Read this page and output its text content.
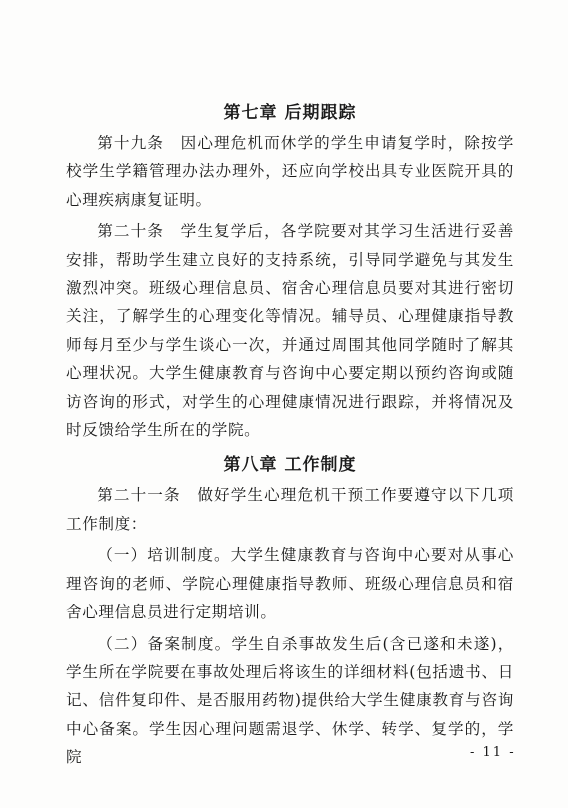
第七章 后期跟踪

第十九条　因心理危机而休学的学生申请复学时，除按学校学生学籍管理办法办理外，还应向学校出具专业医院开具的心理疾病康复证明。

第二十条　学生复学后，各学院要对其学习生活进行妥善安排，帮助学生建立良好的支持系统，引导同学避免与其发生激烈冲突。班级心理信息员、宿舍心理信息员要对其进行密切关注，了解学生的心理变化等情况。辅导员、心理健康指导教师每月至少与学生谈心一次，并通过周围其他同学随时了解其心理状况。大学生健康教育与咨询中心要定期以预约咨询或随访咨询的形式，对学生的心理健康情况进行跟踪，并将情况及时反馈给学生所在的学院。

第八章 工作制度

第二十一条　做好学生心理危机干预工作要遵守以下几项工作制度：

（一）培训制度。大学生健康教育与咨询中心要对从事心理咨询的老师、学院心理健康指导教师、班级心理信息员和宿舍心理信息员进行定期培训。

（二）备案制度。学生自杀事故发生后(含已遂和未遂)，学生所在学院要在事故处理后将该生的详细材料(包括遗书、日记、信件复印件、是否服用药物)提供给大学生健康教育与咨询中心备案。学生因心理问题需退学、休学、转学、复学的，学院	- 11 -
